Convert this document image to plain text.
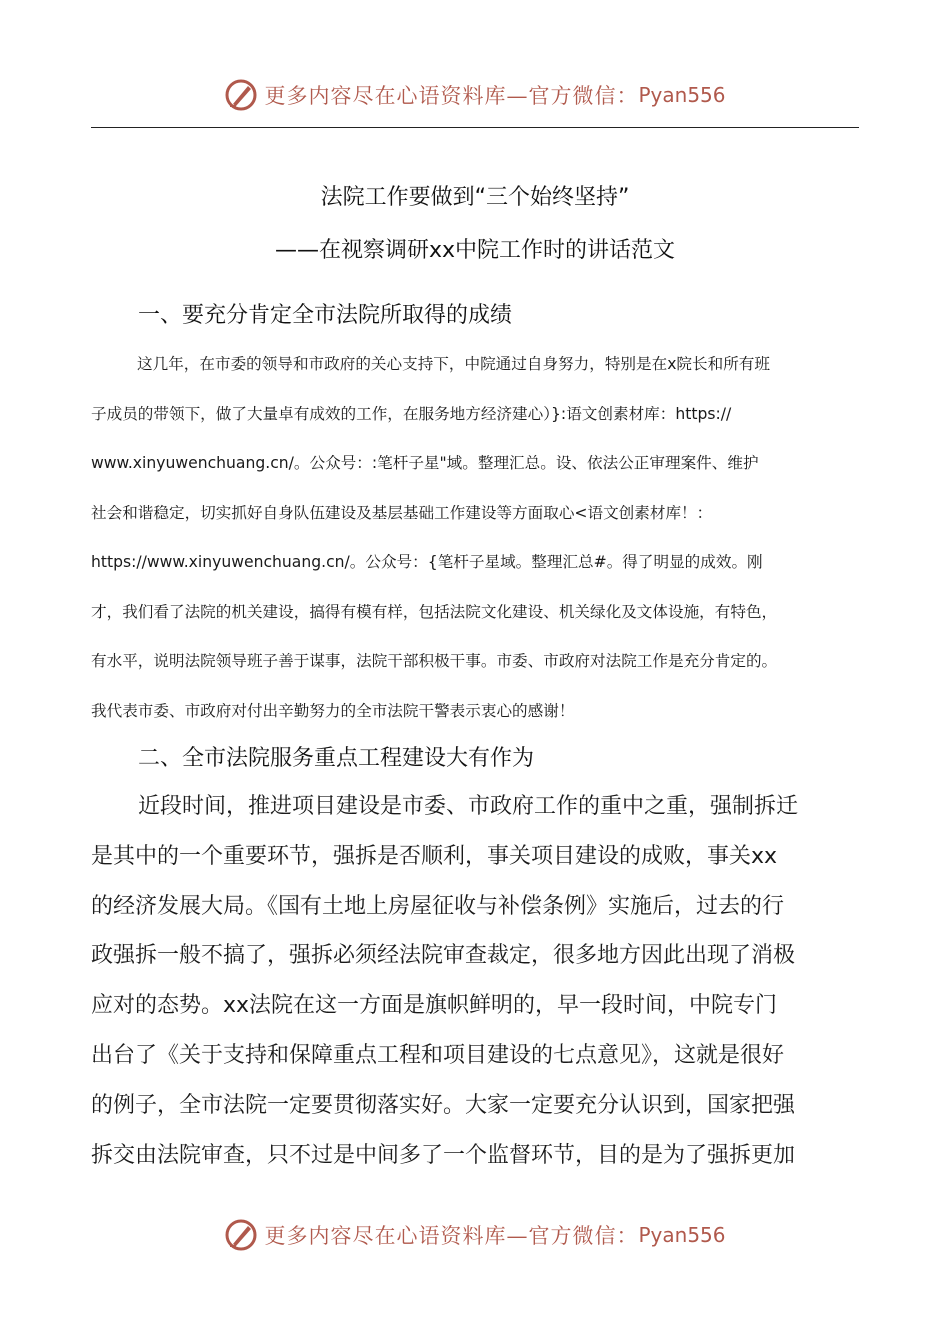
更多内容尽在心语资料库—官方微信： Pyan556
法院工作要做到“三个始终坚持”
——在视察调研xx中院工作时的讲话范文
一、要充分肯定全市法院所取得的成绩
这几年，在市委的领导和市政府的关心支持下，中院通过自身努力，特别是在x院长和所有班
子成员的带领下，做了大量卓有成效的工作，在服务地方经济建心）}:语文创素材库：https://
www.xinyuwenchuang.cn/。公众号：:笔杆子星"域。整理汇总。设、依法公正审理案件、维护
社会和谐稳定，切实抓好自身队伍建设及基层基础工作建设等方面取心<语文创素材库！：
https://www.xinyuwenchuang.cn/。公众号：{笔杆子星域。整理汇总#。得了明显的成效。刚
才，我们看了法院的机关建设，搞得有模有样，包括法院文化建设、机关绿化及文体设施，有特色，
有水平，说明法院领导班子善于谋事，法院干部积极干事。市委、市政府对法院工作是充分肯定的。
我代表市委、市政府对付出辛勤努力的全市法院干警表示衷心的感谢！
二、全市法院服务重点工程建设大有作为
近段时间，推进项目建设是市委、市政府工作的重中之重，强制拆迁
是其中的一个重要环节，强拆是否顺利，事关项目建设的成败，事关xx
的经济发展大局。《国有土地上房屋征收与补偿条例》实施后，过去的行
政强拆一般不搞了，强拆必须经法院审查裁定，很多地方因此出现了消极
应对的态势。xx法院在这一方面是旗帜鲜明的，早一段时间，中院专门
出台了《关于支持和保障重点工程和项目建设的七点意见》，这就是很好
的例子，全市法院一定要贯彻落实好。大家一定要充分认识到，国家把强
拆交由法院审查，只不过是中间多了一个监督环节，目的是为了强拆更加
更多内容尽在心语资料库—官方微信： Pyan556
